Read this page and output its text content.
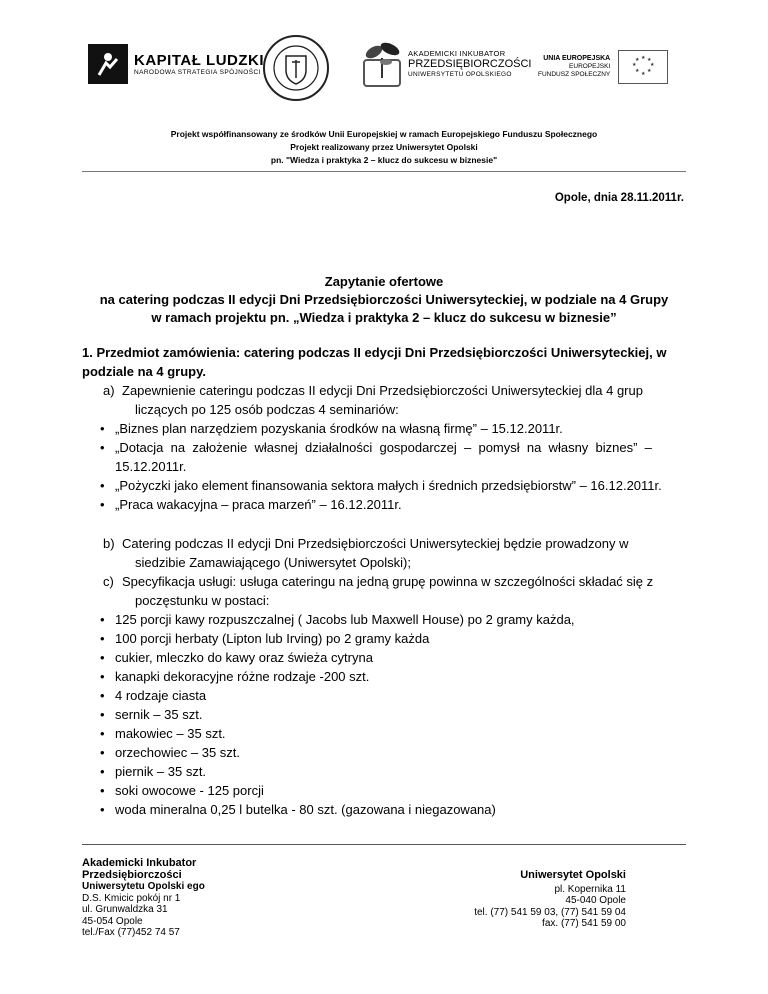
KAPITAŁ LUDZKI
NARODOWA STRATEGIA SPÓJNOŚCI
AKADEMICKI INKUBATOR
PRZEDSIĘBIORCZOŚCI
UNIWERSYTETU OPOLSKIEGO
UNIA EUROPEJSKA
EUROPEJSKI
FUNDUSZ SPOŁECZNY
★ ★
★
★
★
★
★
★
Projekt współfinansowany ze środków Unii Europejskiej w ramach Europejskiego Funduszu Społecznego
Projekt realizowany przez Uniwersytet Opolski
pn. "Wiedza i praktyka 2 – klucz do sukcesu w biznesie"
Opole, dnia 28.11.2011r.
Zapytanie ofertowe
na catering podczas II edycji Dni Przedsiębiorczości Uniwersyteckiej, w podziale na 4 Grupy
w ramach projektu pn. „Wiedza i praktyka 2 – klucz do sukcesu w biznesie”
1. Przedmiot zamówienia: catering podczas II edycji Dni Przedsiębiorczości Uniwersyteckiej, w
podziale na 4 grupy.
a) Zapewnienie cateringu podczas II edycji Dni Przedsiębiorczości Uniwersyteckiej dla 4 grup
liczących po 125 osób podczas 4 seminariów:
• „Biznes plan narzędziem pozyskania środków na własną firmę” – 15.12.2011r.
• „Dotacja  na  założenie  własnej  działalności  gospodarczej  –  pomysł  na  własny  biznes”  –
15.12.2011r.
• „Pożyczki jako element finansowania sektora małych i średnich przedsiębiorstw” – 16.12.2011r.
• „Praca wakacyjna – praca marzeń” – 16.12.2011r.
b) Catering podczas II edycji Dni Przedsiębiorczości Uniwersyteckiej będzie prowadzony w
siedzibie Zamawiającego (Uniwersytet Opolski);
c) Specyfikacja usługi: usługa cateringu na jedną grupę powinna w szczególności składać się z
poczęstunku w postaci:
• 125 porcji kawy rozpuszczalnej ( Jacobs lub Maxwell House) po 2 gramy każda,
• 100 porcji herbaty (Lipton lub Irving) po 2 gramy każda
• cukier, mleczko do kawy oraz świeża cytryna
• kanapki dekoracyjne różne rodzaje -200 szt.
• 4 rodzaje ciasta
• sernik – 35 szt.
• makowiec – 35 szt.
• orzechowiec – 35 szt.
• piernik – 35 szt.
• soki owocowe - 125 porcji
• woda mineralna 0,25 l butelka - 80 szt. (gazowana i niegazowana)
Akademicki Inkubator
Przedsiębiorczości
Uniwersytetu Opolski ego
D.S. Kmicic pokój nr 1
ul. Grunwaldzka 31
45-054 Opole
tel./Fax (77)452 74 57
Uniwersytet Opolski
pl. Kopernika 11
45-040 Opole
tel. (77) 541 59 03, (77) 541 59 04
fax. (77) 541 59 00
